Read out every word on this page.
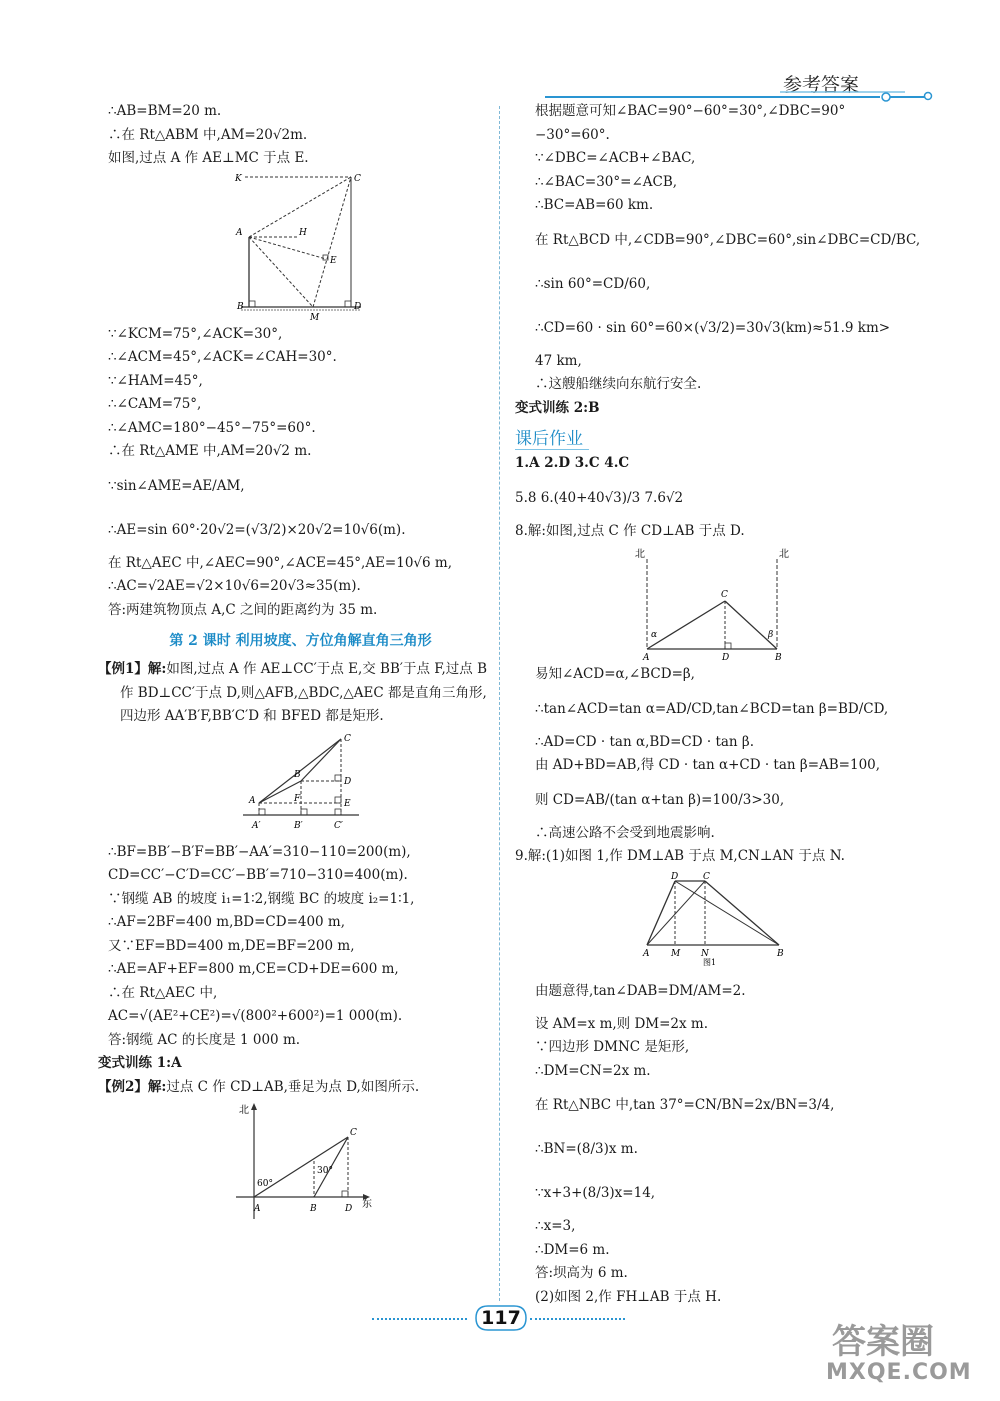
参考答案
∴AB=BM=20 m.
∴在 Rt△ABM 中,AM=20√2m.
如图,过点 A 作 AE⊥MC 于点 E.
K	C
A	H
E
B
M
D
∵∠KCM=75°,∠ACK=30°,
∴∠ACM=45°,∠ACK=∠CAH=30°.
∵∠HAM=45°,
∴∠CAM=75°,
∴∠AMC=180°−45°−75°=60°.
∴在 Rt△AME 中,AM=20√2 m.
∵sin∠AME=AE/AM,
∴AE=sin 60°·20√2=(√3/2)×20√2=10√6(m).
在 Rt△AEC 中,∠AEC=90°,∠ACE=45°,AE=10√6 m,
∴AC=√2AE=√2×10√6=20√3≈35(m).
答:两建筑物顶点 A,C 之间的距离约为 35 m.
第 2 课时 利用坡度、方位角解直角三角形
【例1】解:如图,过点 A 作 AE⊥CC′于点 E,交 BB′于点 F,过点 B 作 BD⊥CC′于点 D,则△AFB,△BDC,△AEC 都是直角三角形,四边形 AA′B′F,BB′C′D 和 BFED 都是矩形.
C
B
D
A	F	E
A′	B′	C′
∴BF=BB′−B′F=BB′−AA′=310−110=200(m),
CD=CC′−C′D=CC′−BB′=710−310=400(m).
∵钢缆 AB 的坡度 i₁=1∶2,钢缆 BC 的坡度 i₂=1∶1,
∴AF=2BF=400 m,BD=CD=400 m,
又∵EF=BD=400 m,DE=BF=200 m,
∴AE=AF+EF=800 m,CE=CD+DE=600 m,
∴在 Rt△AEC 中,
AC=√(AE²+CE²)=√(800²+600²)=1 000(m).
答:钢缆 AC 的长度是 1 000 m.
变式训练 1:A
【例2】解:过点 C 作 CD⊥AB,垂足为点 D,如图所示.
北
C
60°
30°
A	B	D 东
根据题意可知∠BAC=90°−60°=30°,∠DBC=90°−30°=60°.
∵∠DBC=∠ACB+∠BAC,
∴∠BAC=30°=∠ACB,
∴BC=AB=60 km.
在 Rt△BCD 中,∠CDB=90°,∠DBC=60°,sin∠DBC=CD/BC,
∴sin 60°=CD/60,
∴CD=60 · sin 60°=60×(√3/2)=30√3(km)≈51.9 km>
47 km,
∴这艘船继续向东航行安全.
变式训练 2:B
课后作业
1.A 2.D 3.C 4.C
5.8 6.(40+40√3)/3 7.6√2
8.解:如图,过点 C 作 CD⊥AB 于点 D.
北	北
C
α	β
A	D	B
易知∠ACD=α,∠BCD=β,
∴tan∠ACD=tan α=AD/CD,tan∠BCD=tan β=BD/CD,
∴AD=CD · tan α,BD=CD · tan β.
由 AD+BD=AB,得 CD · tan α+CD · tan β=AB=100,
则 CD=AB/(tan α+tan β)=100/3>30,
∴高速公路不会受到地震影响.
9.解:(1)如图 1,作 DM⊥AB 于点 M,CN⊥AN 于点 N.
D	C
A M N	B
图1
由题意得,tan∠DAB=DM/AM=2.
设 AM=x m,则 DM=2x m.
∵四边形 DMNC 是矩形,
∴DM=CN=2x m.
在 Rt△NBC 中,tan 37°=CN/BN=2x/BN=3/4,
∴BN=(8/3)x m.
∵x+3+(8/3)x=14,
∴x=3,
∴DM=6 m.
答:坝高为 6 m.
(2)如图 2,作 FH⊥AB 于点 H.
117
答案圈
MXQE.COM
